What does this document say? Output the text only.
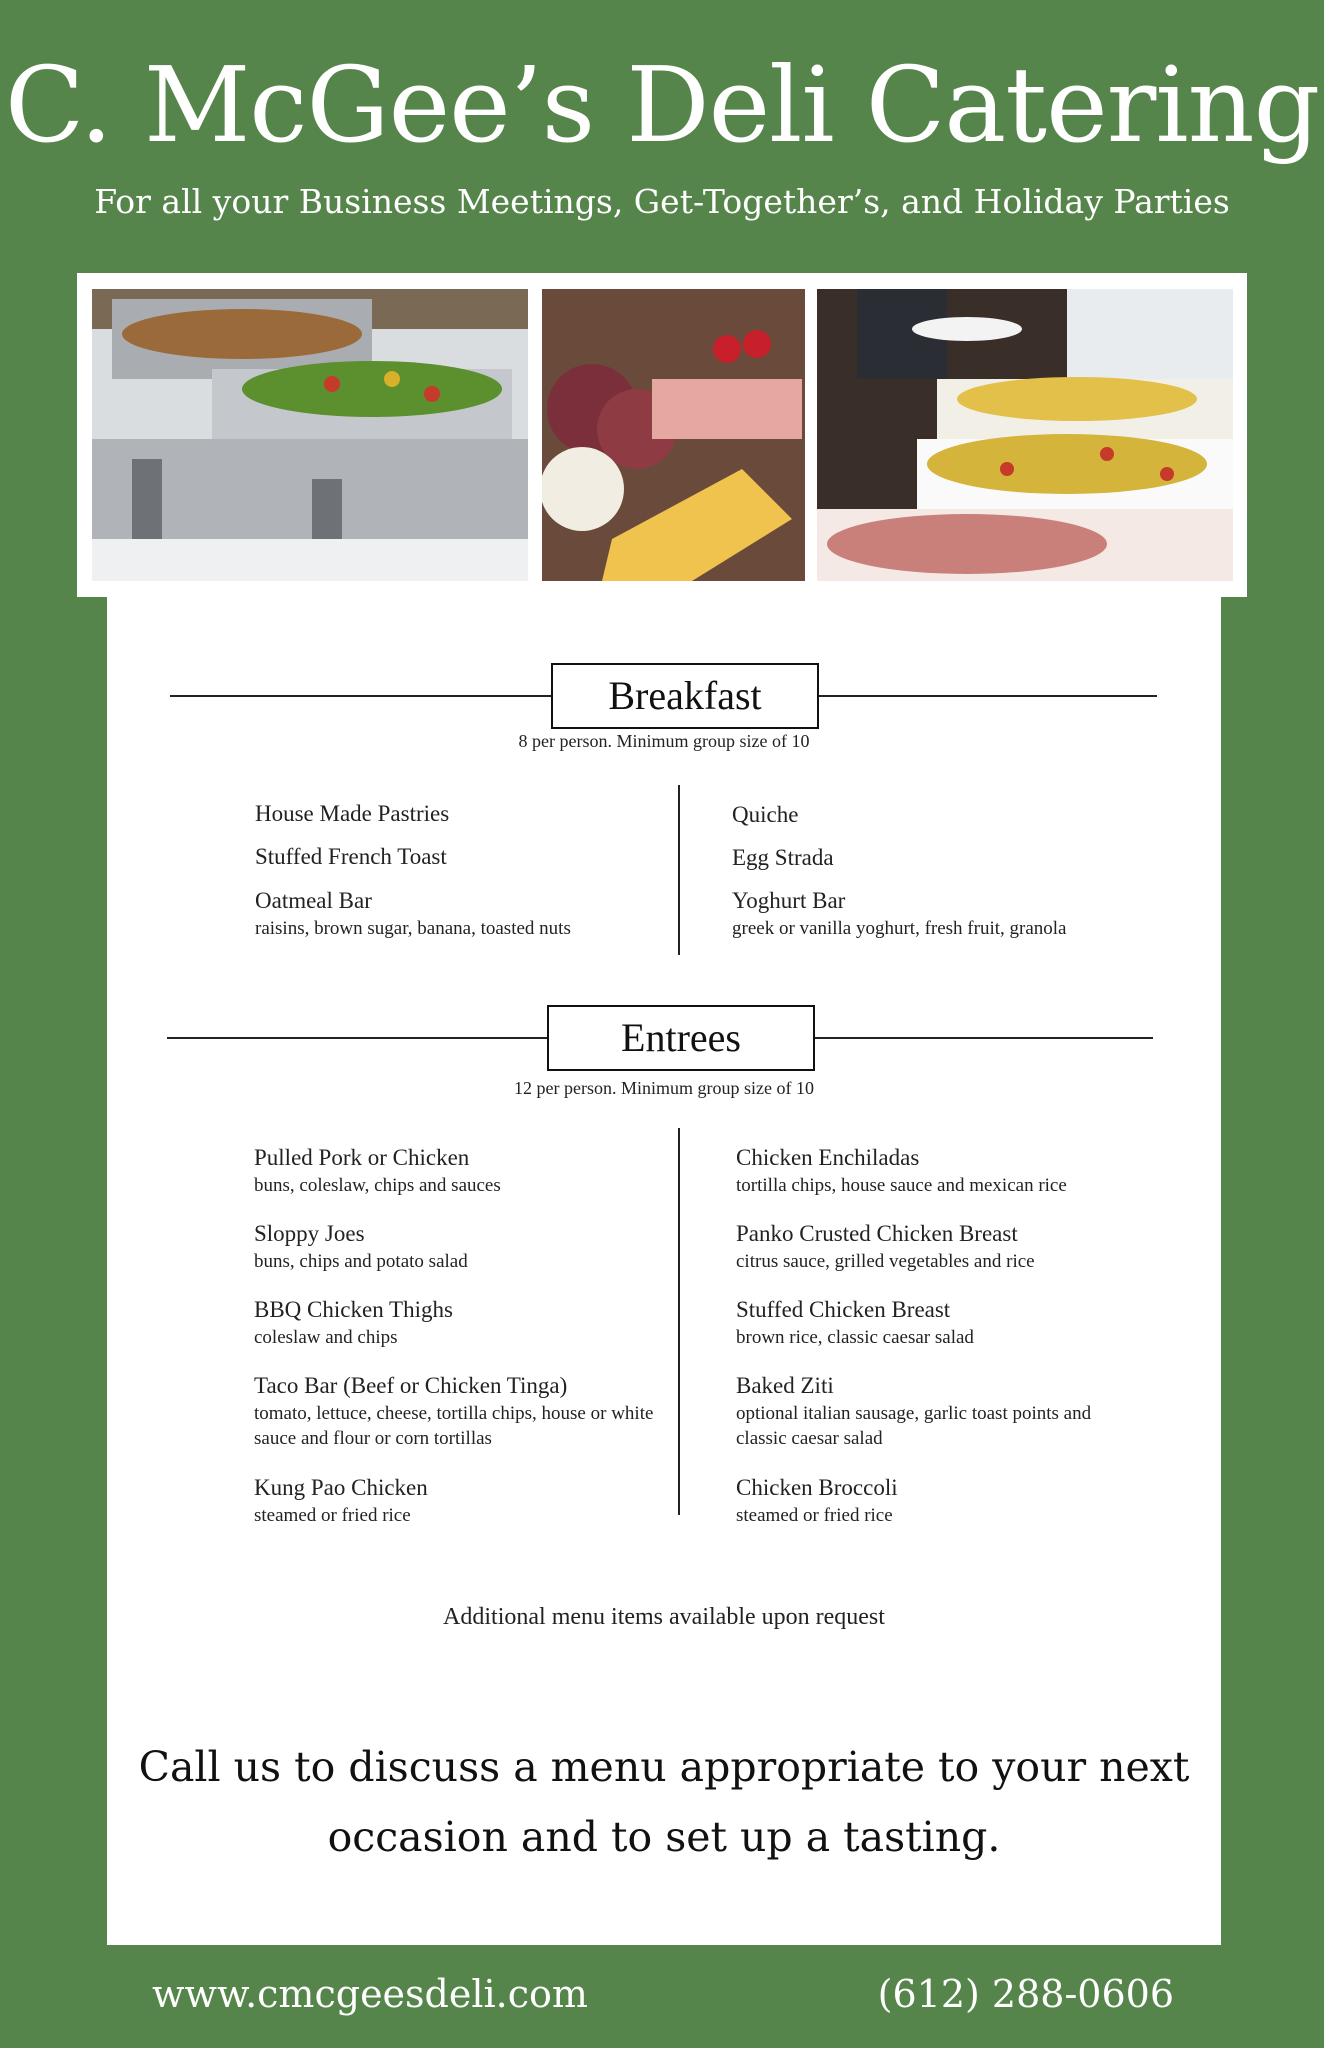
C. McGee’s Deli Catering
For all your Business Meetings, Get-Together’s, and Holiday Parties
Breakfast
8 per person. Minimum group size of 10
House Made Pastries
Stuffed French Toast
Oatmeal Bar
raisins, brown sugar, banana, toasted nuts
Quiche
Egg Strada
Yoghurt Bar
greek or vanilla yoghurt, fresh fruit, granola
Entrees
12 per person. Minimum group size of 10
Pulled Pork or Chicken
buns, coleslaw, chips and sauces
Sloppy Joes
buns, chips and potato salad
BBQ Chicken Thighs
coleslaw and chips
Taco Bar (Beef or Chicken Tinga)
tomato, lettuce, cheese, tortilla chips, house or white sauce and flour or corn tortillas
Kung Pao Chicken
steamed or fried rice
Chicken Enchiladas
tortilla chips, house sauce and mexican rice
Panko Crusted Chicken Breast
citrus sauce, grilled vegetables and rice
Stuffed Chicken Breast
brown rice, classic caesar salad
Baked Ziti
optional italian sausage, garlic toast points and classic caesar salad
Chicken Broccoli
steamed or fried rice
Additional menu items available upon request
Call us to discuss a menu appropriate to your next
occasion and to set up a tasting.
www.cmcgeesdeli.com	(612) 288-0606
